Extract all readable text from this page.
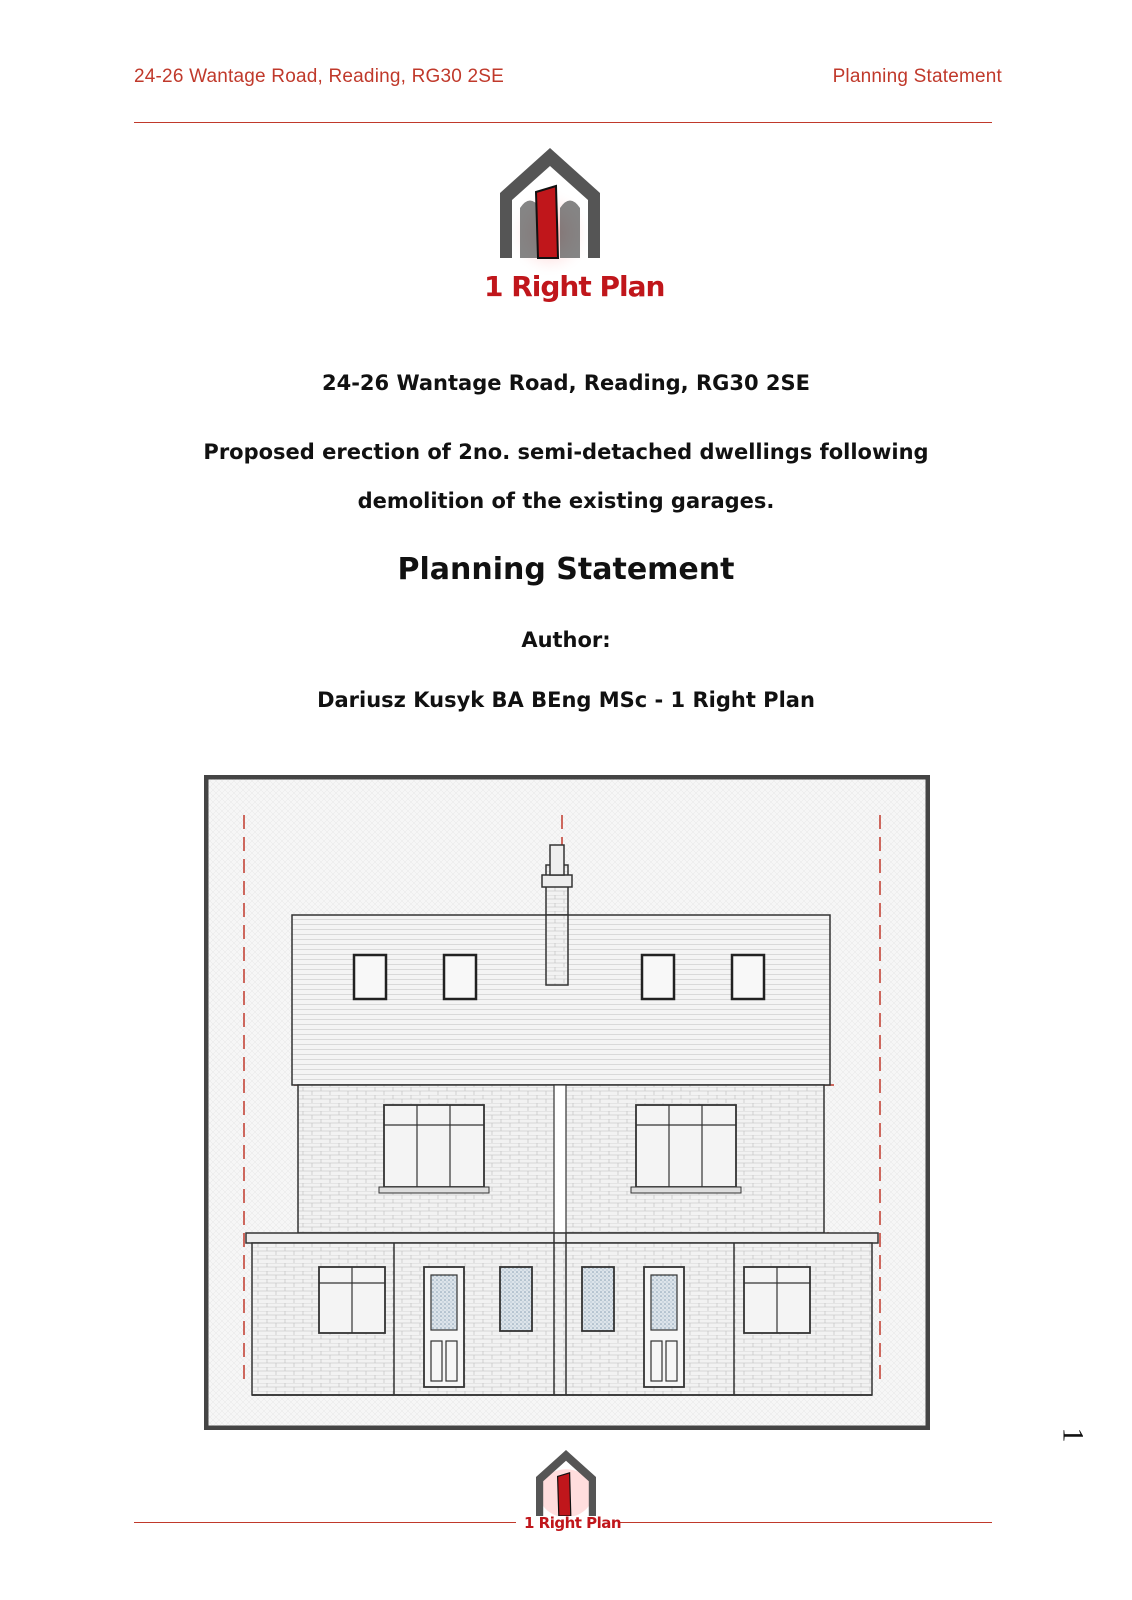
24-26 Wantage Road, Reading, RG30 2SE	Planning Statement
1 Right Plan
24-26 Wantage Road, Reading, RG30 2SE
Proposed erection of 2no. semi-detached dwellings following demolition of the existing garages.
Planning Statement
Author:
Dariusz Kusyk BA BEng MSc - 1 Right Plan
1
1 Right Plan
